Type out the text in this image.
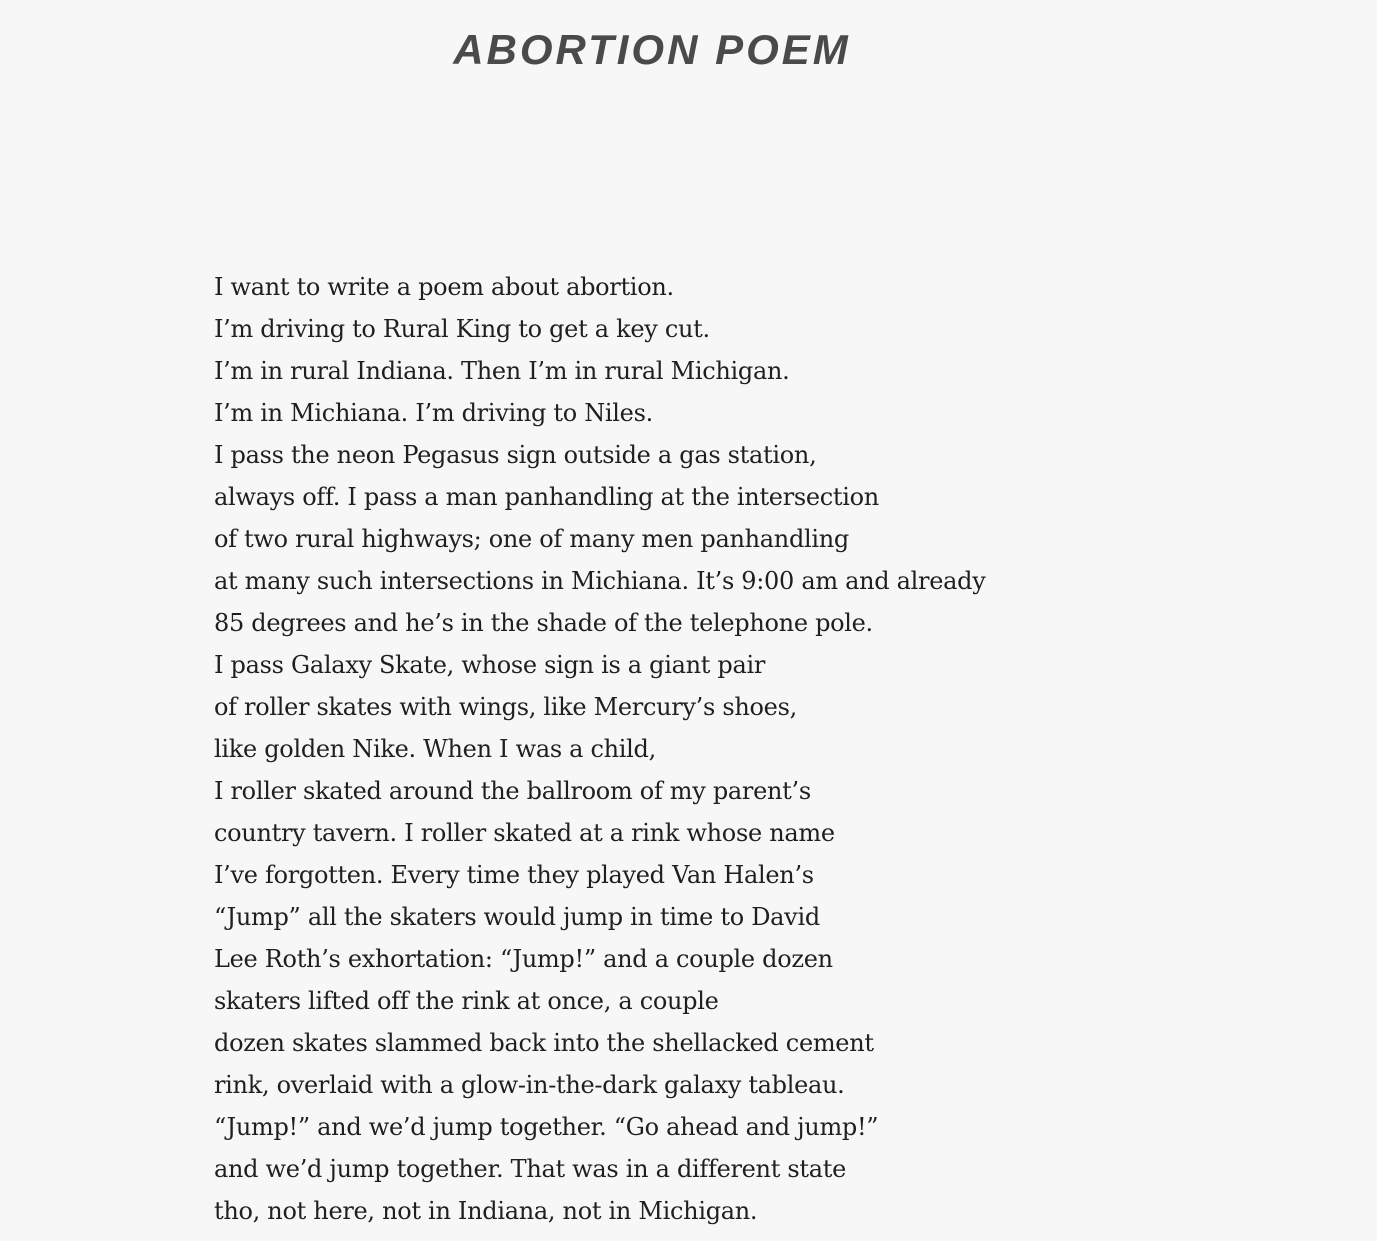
ABORTION POEM
I want to write a poem about abortion.
I’m driving to Rural King to get a key cut.
I’m in rural Indiana. Then I’m in rural Michigan.
I’m in Michiana. I’m driving to Niles.
I pass the neon Pegasus sign outside a gas station,
always off. I pass a man panhandling at the intersection
of two rural highways; one of many men panhandling
at many such intersections in Michiana. It’s 9:00 am and already
85 degrees and he’s in the shade of the telephone pole.
I pass Galaxy Skate, whose sign is a giant pair
of roller skates with wings, like Mercury’s shoes,
like golden Nike. When I was a child,
I roller skated around the ballroom of my parent’s
country tavern. I roller skated at a rink whose name
I’ve forgotten. Every time they played Van Halen’s
“Jump” all the skaters would jump in time to David
Lee Roth’s exhortation: “Jump!” and a couple dozen
skaters lifted off the rink at once, a couple
dozen skates slammed back into the shellacked cement
rink, overlaid with a glow-in-the-dark galaxy tableau.
“Jump!” and we’d jump together. “Go ahead and jump!”
and we’d jump together. That was in a different state
tho, not here, not in Indiana, not in Michigan.
